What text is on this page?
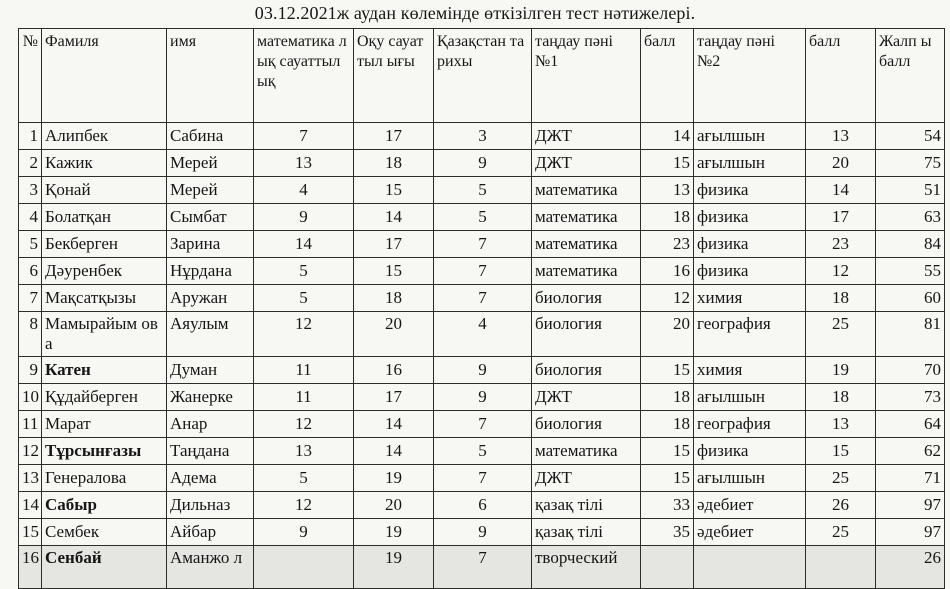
03.12.2021ж аудан көлемінде өткізілген тест нәтижелері.
№	Фамиля	имя	математика лық сауаттылық	Оқу сауаттыл ығы	Қазақстан тарихы	таңдау пәні №1	балл	таңдау пәні №2	балл	Жалп ы балл
1	Алипбек	Сабина	7	17	3	ДЖТ	14	ағылшын	13	54
2	Кажик	Мерей	13	18	9	ДЖТ	15	ағылшын	20	75
3	Қонай	Мерей	4	15	5	математика	13	физика	14	51
4	Болатқан	Сымбат	9	14	5	математика	18	физика	17	63
5	Бекберген	Зарина	14	17	7	математика	23	физика	23	84
6	Дәуренбек	Нұрдана	5	15	7	математика	16	физика	12	55
7	Мақсатқызы	Аружан	5	18	7	биология	12	химия	18	60
8	Мамырайым ова	Аяулым	12	20	4	биология	20	география	25	81
9	Катен	Думан	11	16	9	биология	15	химия	19	70
10	Құдайберген	Жанерке	11	17	9	ДЖТ	18	ағылшын	18	73
11	Марат	Анар	12	14	7	биология	18	география	13	64
12	Тұрсынғазы	Таңдана	13	14	5	математика	15	физика	15	62
13	Генералова	Адема	5	19	7	ДЖТ	15	ағылшын	25	71
14	Сабыр	Дильназ	12	20	6	қазақ тілі	33	әдебиет	26	97
15	Сембек	Айбар	9	19	9	қазақ тілі	35	әдебиет	25	97
16	Сенбай	Аманжо л		19	7	творческий				26
